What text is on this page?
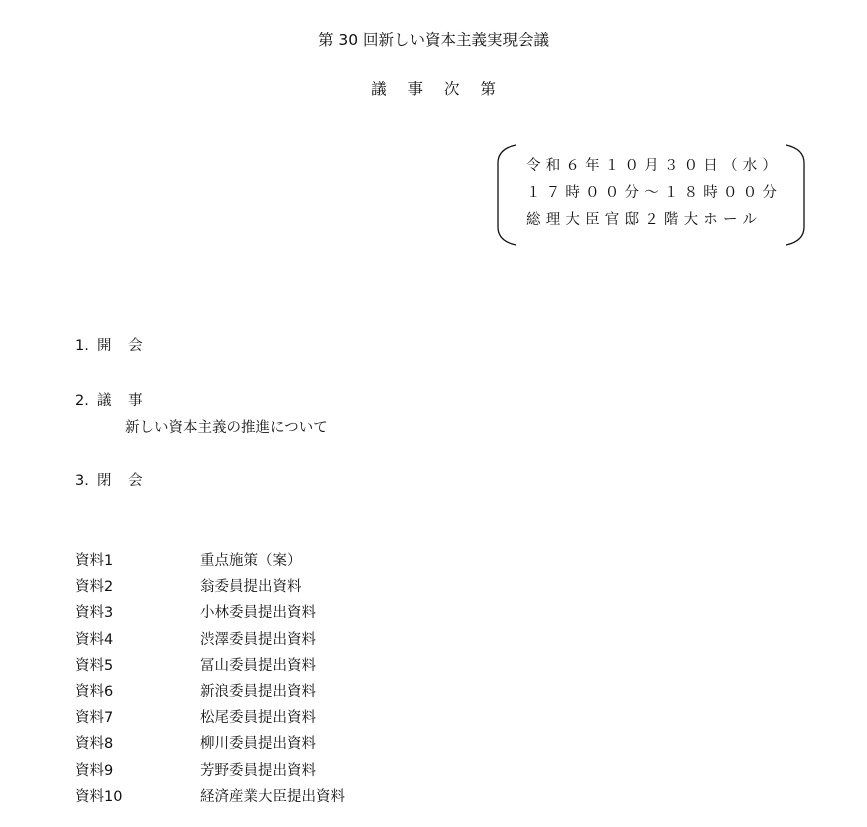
第 30 回新しい資本主義実現会議
議 事 次 第
令和６年１０月３０日（水）
１７時００分～１８時００分
総理大臣官邸２階大ホール
1. 開 会
2. 議 事
新しい資本主義の推進について
3. 閉 会
資料1	重点施策（案）
資料2	翁委員提出資料
資料3	小林委員提出資料
資料4	渋澤委員提出資料
資料5	冨山委員提出資料
資料6	新浪委員提出資料
資料7	松尾委員提出資料
資料8	柳川委員提出資料
資料9	芳野委員提出資料
資料10	経済産業大臣提出資料
